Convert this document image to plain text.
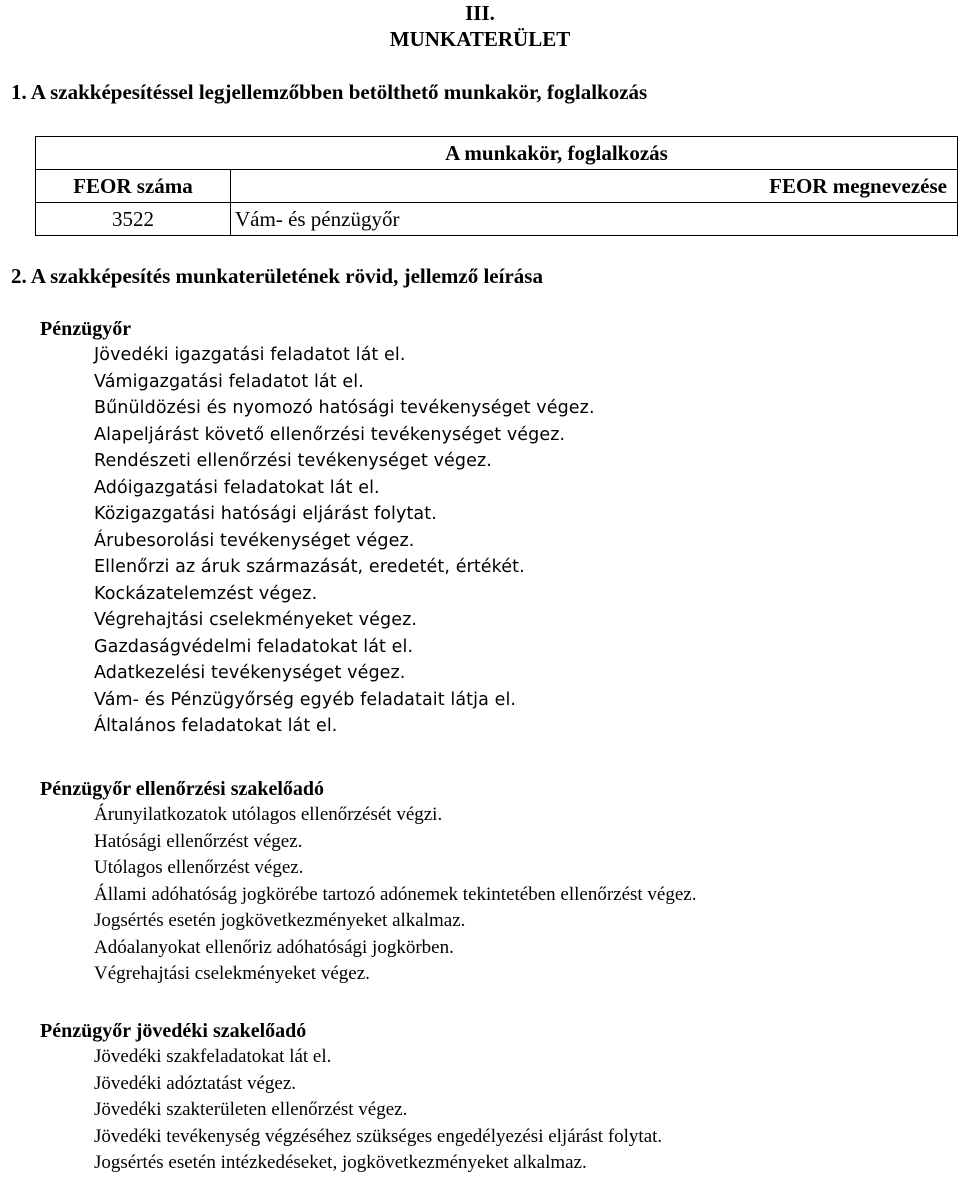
III.
MUNKATERÜLET
1. A szakképesítéssel legjellemzőbben betölthető munkakör, foglalkozás
A munkakör, foglalkozás	
FEOR száma	FEOR megnevezése
3522	Vám- és pénzügyőr
2. A szakképesítés munkaterületének rövid, jellemző leírása

Pénzügyőr

Jövedéki igazgatási feladatot lát el.
Vámigazgatási feladatot lát el.
Bűnüldözési és nyomozó hatósági tevékenységet végez.
Alapeljárást követő ellenőrzési tevékenységet végez.
Rendészeti ellenőrzési tevékenységet végez.
Adóigazgatási feladatokat lát el.
Közigazgatási hatósági eljárást folytat.
Árubesorolási tevékenységet végez.
Ellenőrzi az áruk származását, eredetét, értékét.
Kockázatelemzést végez.
Végrehajtási cselekményeket végez.
Gazdaságvédelmi feladatokat lát el.
Adatkezelési tevékenységet végez.
Vám- és Pénzügyőrség egyéb feladatait látja el.
Általános feladatokat lát el.

Pénzügyőr ellenőrzési szakelőadó

Árunyilatkozatok utólagos ellenőrzését végzi.
Hatósági ellenőrzést végez.
Utólagos ellenőrzést végez.
Állami adóhatóság jogkörébe tartozó adónemek tekintetében ellenőrzést végez.
Jogsértés esetén jogkövetkezményeket alkalmaz.
Adóalanyokat ellenőriz adóhatósági jogkörben.
Végrehajtási cselekményeket végez.

Pénzügyőr jövedéki szakelőadó

Jövedéki szakfeladatokat lát el.
Jövedéki adóztatást végez.
Jövedéki szakterületen ellenőrzést végez.
Jövedéki tevékenység végzéséhez szükséges engedélyezési eljárást folytat.
Jogsértés esetén intézkedéseket, jogkövetkezményeket alkalmaz.
